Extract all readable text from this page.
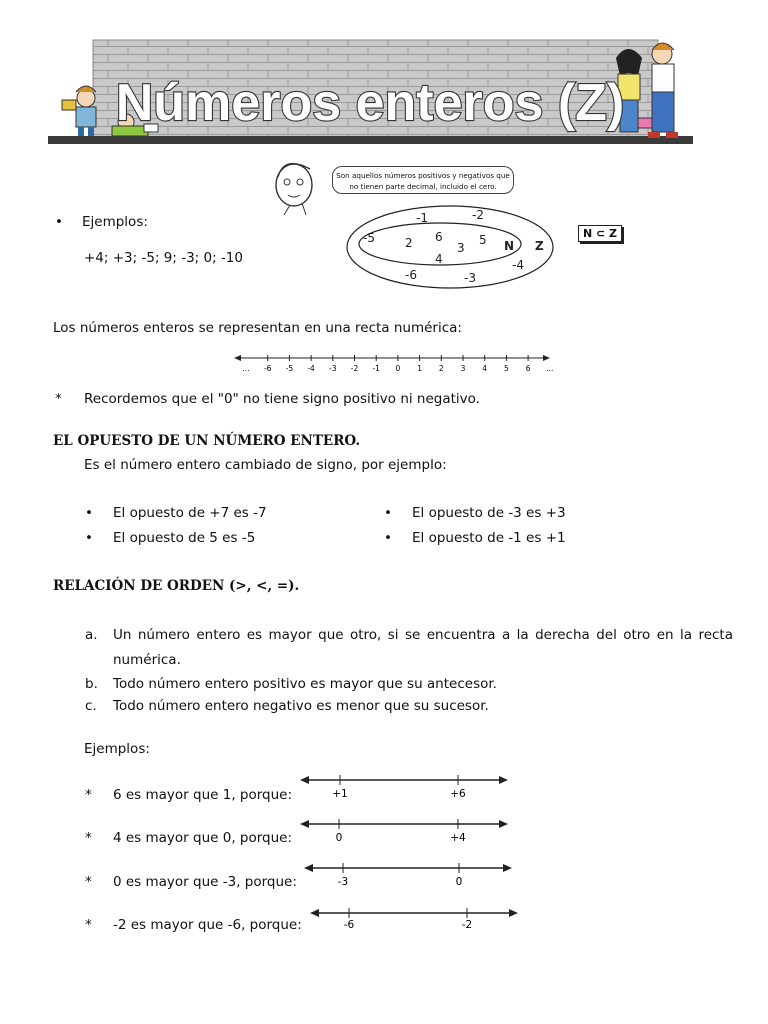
Números enteros (Z)
Son aquellos números positivos y negativos que
no tienen parte decimal, incluido el cero.
• Ejemplos:
+4; +3; -5; 9; -3; 0; -10
2 6
3
5
4
-1	-2
-5
-4
-6	-3
N Z
N ⊂ Z
Los números enteros se representan en una recta numérica:
... -6 -5 -4 -3 -2 -1 0 1 2 3 4 5 6 ...
* Recordemos que el "0" no tiene signo positivo ni negativo.
EL OPUESTO DE UN NÚMERO ENTERO.
Es el número entero cambiado de signo, por ejemplo:
• El opuesto de +7 es -7
• El opuesto de 5 es -5
• El opuesto de -3 es +3
• El opuesto de -1 es +1
RELACIÓN DE ORDEN (>, <, =).
a. Un número entero es mayor que otro, si se encuentra a la derecha del otro en la recta
numérica.
b. Todo número entero positivo es mayor que su antecesor.
c. Todo número entero negativo es menor que su sucesor.
Ejemplos:
* 6 es mayor que 1, porque:	+1	+6
* 4 es mayor que 0, porque:	0	+4
* 0 es mayor que -3, porque:	-3	0
* -2 es mayor que -6, porque:	-6	-2
